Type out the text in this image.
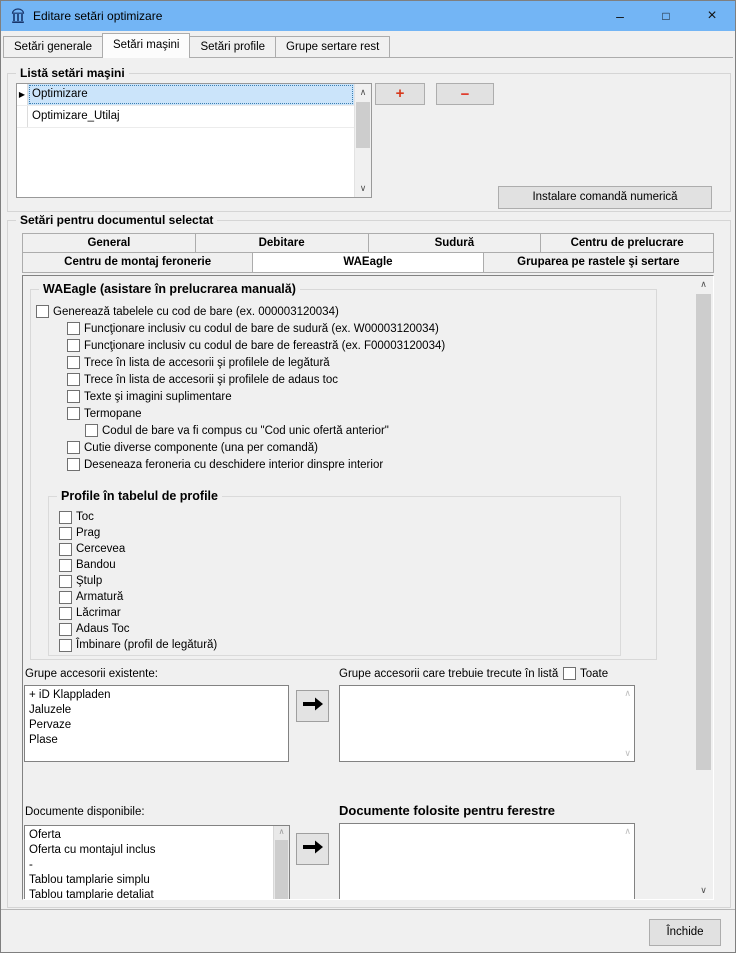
Editare setări optimizare	–	□	×
Setări generale	Setări maşini	Setări profile	Grupe sertare rest
Listă setări maşini
▶ Optimizare
Optimizare_Utilaj
∧
∨
+	−
Instalare comandă numerică
Setări pentru documentul selectat
General	Debitare	Sudură	Centru de prelucrare
Centru de montaj feronerie	WAEagle	Gruparea pe rastele şi sertare
WAEagle (asistare în prelucrarea manuală)
Generează tabelele cu cod de bare (ex. 000003120034)
Funcţionare inclusiv cu codul de bare de sudură (ex. W00003120034)
Funcţionare inclusiv cu codul de bare de fereastră (ex. F00003120034)
Trece în lista de accesorii şi profilele de legătură
Trece în lista de accesorii şi profilele de adaus toc
Texte şi imagini suplimentare
Termopane
Codul de bare va fi compus cu "Cod unic ofertă anterior"
Cutie diverse componente (una per comandă)
Deseneaza feroneria cu deschidere interior dinspre interior
Profile în tabelul de profile
Toc
Prag
Cercevea
Bandou
Ştulp
Armatură
Lăcrimar
Adaus Toc
Îmbinare (profil de legătură)
Grupe accesorii existente:
+ iD Klappladen
Jaluzele
Pervaze
Plase
Grupe accesorii care trebuie trecute în listă Toate
∧
∨
Documente disponibile:
Oferta
Oferta cu montajul inclus
-
Tablou tamplarie simplu
Tablou tamplarie detaliat
∧
Documente folosite pentru ferestre
∧
∧
∨
Închide
